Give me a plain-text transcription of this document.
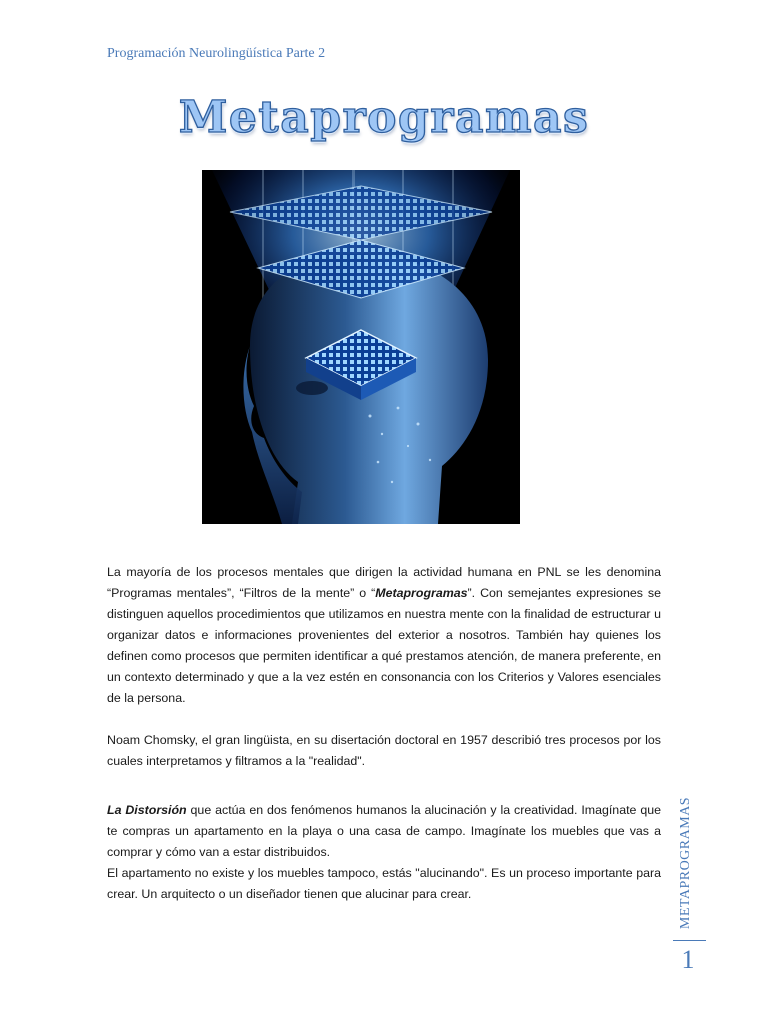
Programación Neurolingüística Parte 2
Metaprogramas

La mayoría de los procesos mentales que dirigen la actividad humana en PNL se les denomina “Programas mentales”, “Filtros de la mente” o “Metaprogramas”. Con semejantes expresiones se distinguen aquellos procedimientos que utilizamos en nuestra mente con la finalidad de estructurar u organizar datos e informaciones provenientes del exterior a nosotros. También hay quienes los definen como procesos que permiten identificar a qué prestamos atención, de manera preferente, en un contexto determinado y que a la vez estén en consonancia con los Criterios y Valores esenciales de la persona.

Noam Chomsky, el gran lingüista, en su disertación doctoral en 1957 describió tres procesos por los cuales interpretamos y filtramos a la "realidad".

La Distorsión que actúa en dos fenómenos humanos la alucinación y la creatividad. Imagínate que te compras un apartamento en la playa o una casa de campo. Imagínate los muebles que vas a comprar y cómo van a estar distribuidos.

El apartamento no existe y los muebles tampoco, estás "alucinando". Es un proceso importante para crear. Un arquitecto o un diseñador tienen que alucinar para crear.	METAPROGRAMAS
1
